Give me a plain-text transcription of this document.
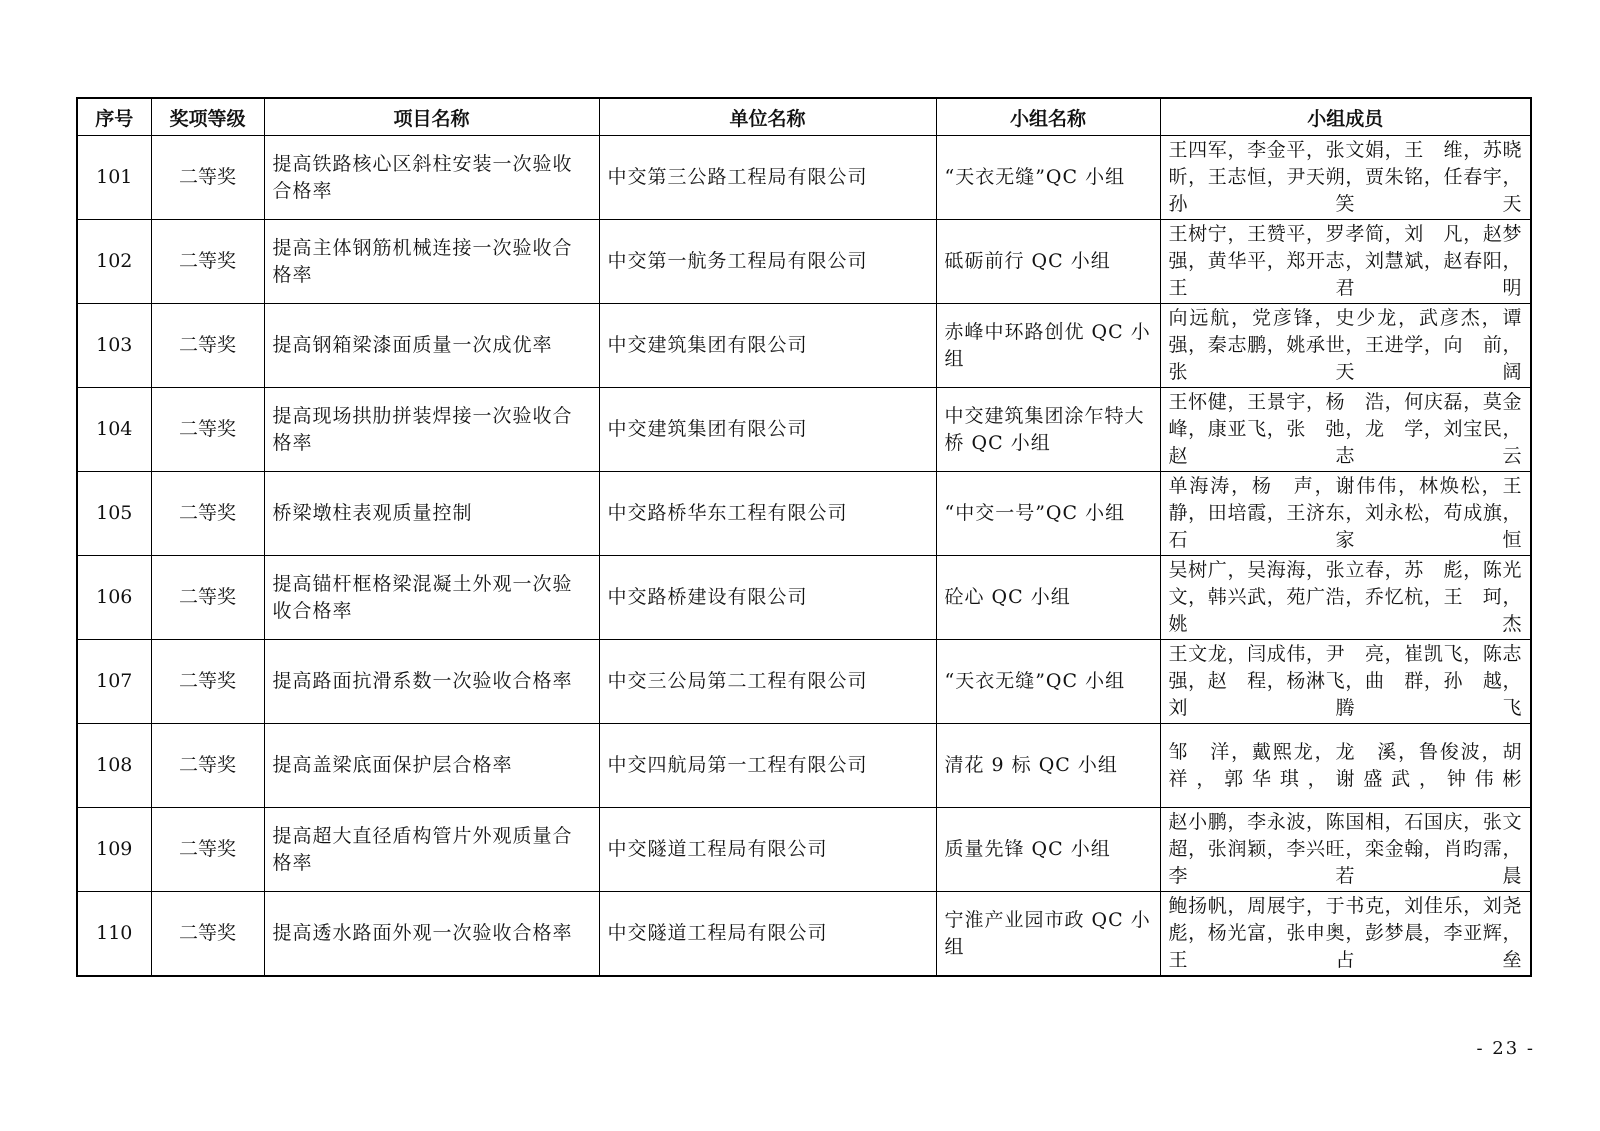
序号	奖项等级	项目名称	单位名称	小组名称	小组成员
101	二等奖	提高铁路核心区斜柱安装一次验收合格率	中交第三公路工程局有限公司	“天衣无缝”QC 小组	王四军，李金平，张文娟，王　维，苏晓昕，王志恒，尹天朔，贾朱铭，任春宇，孙笑天
102	二等奖	提高主体钢筋机械连接一次验收合格率	中交第一航务工程局有限公司	砥砺前行 QC 小组	王树宁，王赞平，罗孝简，刘　凡，赵梦强，黄华平，郑开志，刘慧斌，赵春阳，王君明
103	二等奖	提高钢箱梁漆面质量一次成优率	中交建筑集团有限公司	赤峰中环路创优 QC 小组	向远航，党彦锋，史少龙，武彦杰，谭　强，秦志鹏，姚承世，王进学，向　前，张天阔
104	二等奖	提高现场拱肋拼装焊接一次验收合格率	中交建筑集团有限公司	中交建筑集团涂乍特大桥 QC 小组	王怀健，王景宇，杨　浩，何庆磊，莫金峰，康亚飞，张　弛，龙　学，刘宝民，赵志云
105	二等奖	桥梁墩柱表观质量控制	中交路桥华东工程有限公司	“中交一号”QC 小组	单海涛，杨　声，谢伟伟，林焕松，王　静，田培霞，王济东，刘永松，苟成旗，石家恒
106	二等奖	提高锚杆框格梁混凝土外观一次验收合格率	中交路桥建设有限公司	砼心 QC 小组	吴树广，吴海海，张立春，苏　彪，陈光文，韩兴武，苑广浩，乔忆杭，王　珂，姚　杰
107	二等奖	提高路面抗滑系数一次验收合格率	中交三公局第二工程有限公司	“天衣无缝”QC 小组	王文龙，闫成伟，尹　亮，崔凯飞，陈志强，赵　程，杨淋飞，曲　群，孙　越，刘腾飞
108	二等奖	提高盖梁底面保护层合格率	中交四航局第一工程有限公司	清花 9 标 QC 小组	邹　洋，戴熙龙，龙　溪，鲁俊波，胡　祥，郭华琪，谢盛武，钟伟彬
109	二等奖	提高超大直径盾构管片外观质量合格率	中交隧道工程局有限公司	质量先锋 QC 小组	赵小鹏，李永波，陈国相，石国庆，张文超，张润颖，李兴旺，栾金翰，肖昀霈，李若晨
110	二等奖	提高透水路面外观一次验收合格率	中交隧道工程局有限公司	宁淮产业园市政 QC 小组	鲍扬帆，周展宇，于书克，刘佳乐，刘尧彪，杨光富，张申奥，彭梦晨，李亚辉，王占垒
- 23 -
